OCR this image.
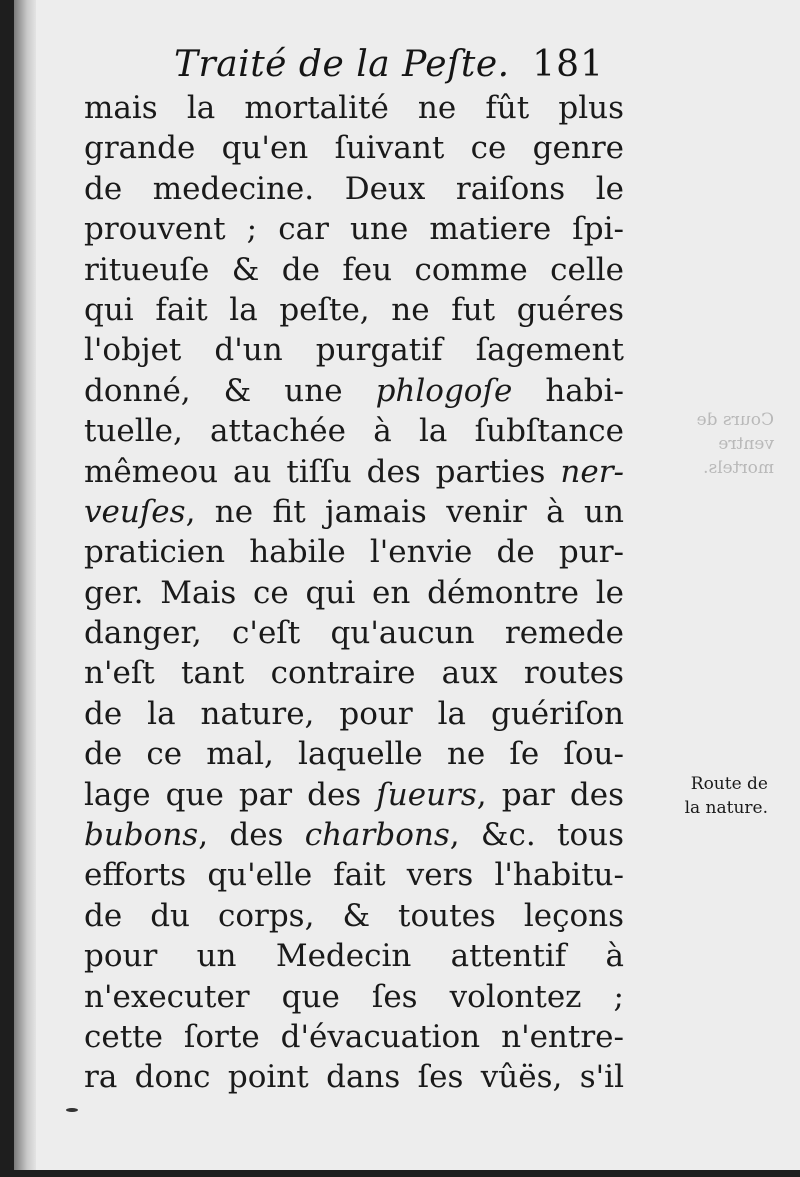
Traité de la Peſte. 181
mais la mortalité ne fût plus
grande qu'en ſuivant ce genre
de medecine. Deux raiſons le
prouvent ; car une matiere ſpi-
ritueuſe & de feu comme celle
qui fait la peſte, ne fut guéres
l'objet d'un purgatif ſagement
donné, & une phlogoſe habi-
tuelle, attachée à la ſubſtance
mêmeou au tiſſu des parties ner-
veuſes, ne fit jamais venir à un
praticien habile l'envie de pur-
ger. Mais ce qui en démontre le
danger, c'eſt qu'aucun remede
n'eſt tant contraire aux routes
de la nature, pour la guériſon
de ce mal, laquelle ne ſe ſou-
lage que par des ſueurs, par des
bubons, des charbons, &c. tous
efforts qu'elle fait vers l'habitu-
de du corps, & toutes leçons
pour un Medecin attentif à
n'executer que ſes volontez ;
cette ſorte d'évacuation n'entre-
ra donc point dans ſes vûës, s'il
Cours de
ventre
mortels.
Route de
la nature.
